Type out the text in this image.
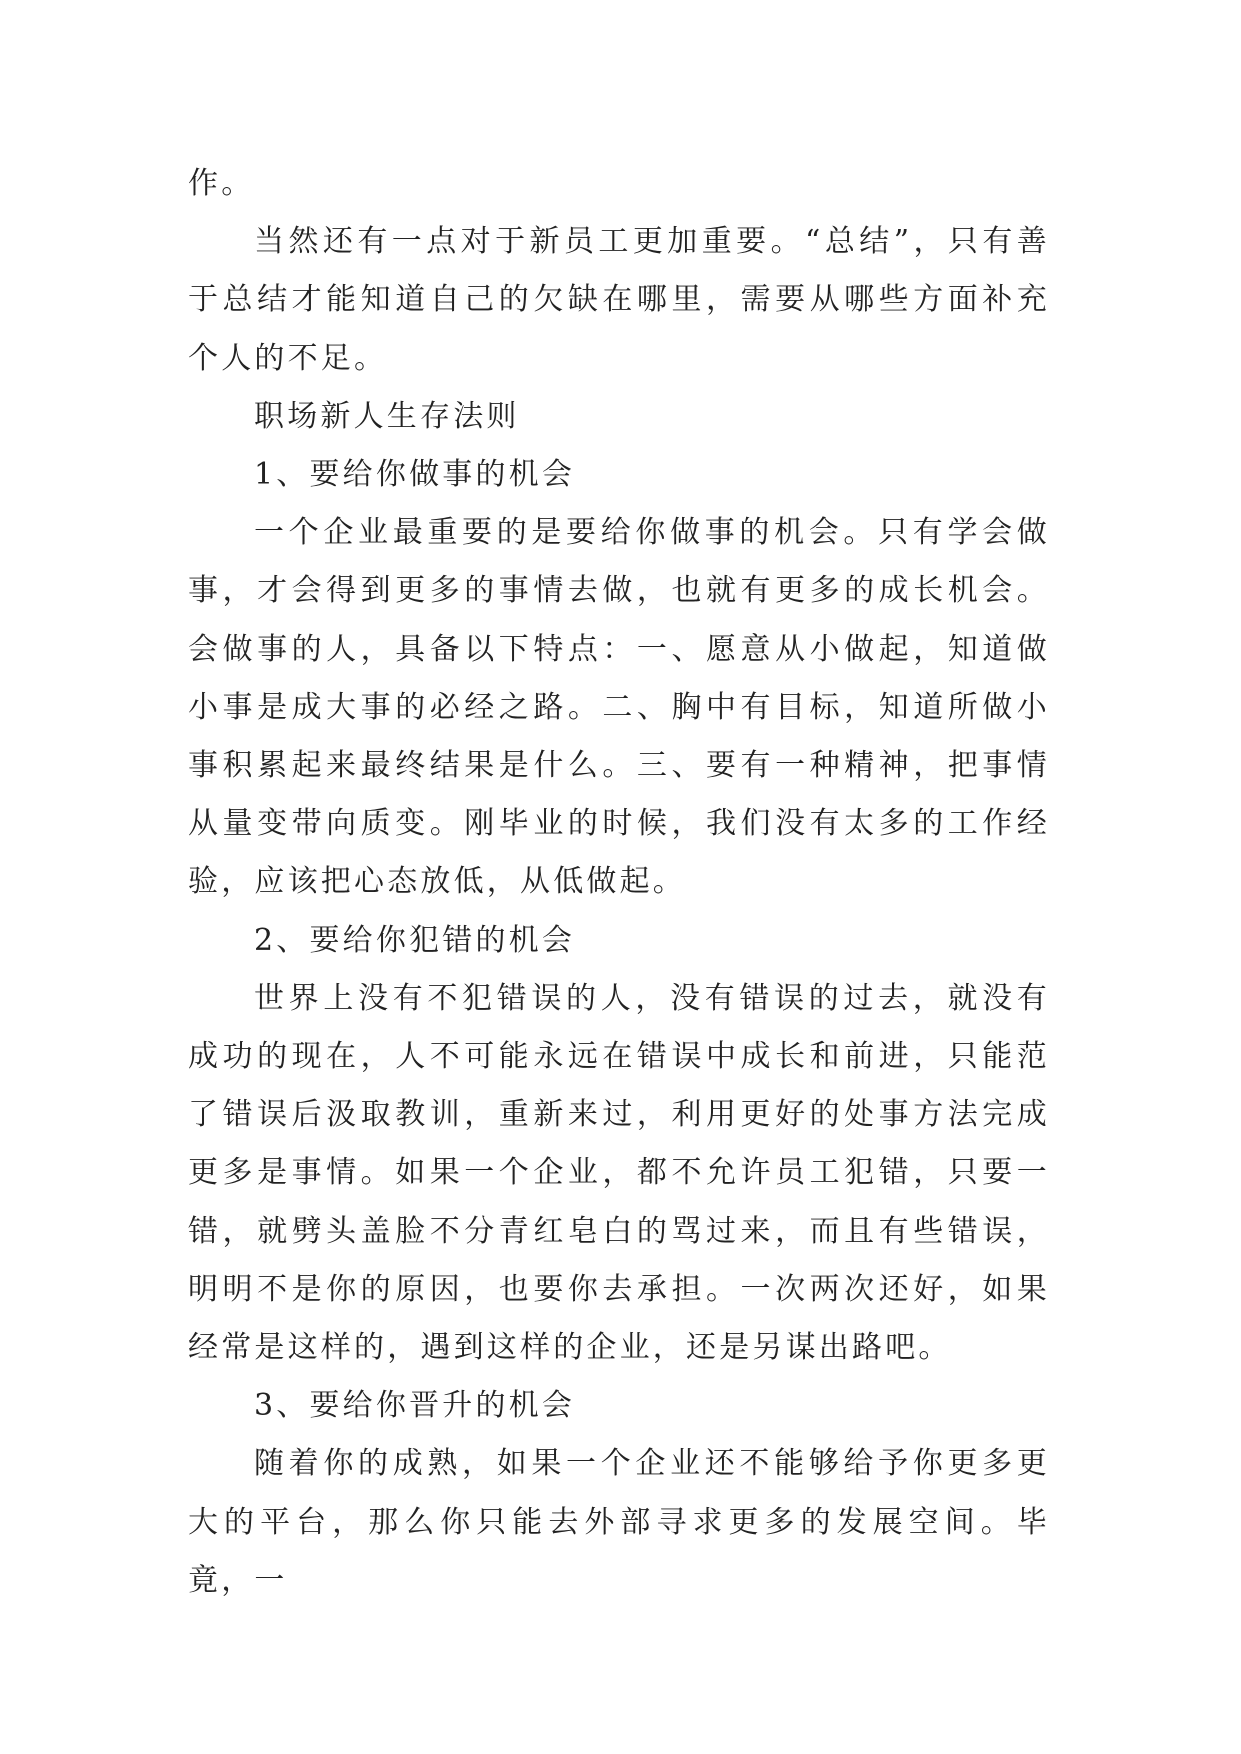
作。

当然还有一点对于新员工更加重要。“总结”，只有善于总结才能知道自己的欠缺在哪里，需要从哪些方面补充个人的不足。

职场新人生存法则

1、要给你做事的机会

一个企业最重要的是要给你做事的机会。只有学会做事，才会得到更多的事情去做，也就有更多的成长机会。会做事的人，具备以下特点：一、愿意从小做起，知道做小事是成大事的必经之路。二、胸中有目标，知道所做小事积累起来最终结果是什么。三、要有一种精神，把事情从量变带向质变。刚毕业的时候，我们没有太多的工作经验，应该把心态放低，从低做起。

2、要给你犯错的机会

世界上没有不犯错误的人，没有错误的过去，就没有成功的现在，人不可能永远在错误中成长和前进，只能范了错误后汲取教训，重新来过，利用更好的处事方法完成更多是事情。如果一个企业，都不允许员工犯错，只要一错，就劈头盖脸不分青红皂白的骂过来，而且有些错误，明明不是你的原因，也要你去承担。一次两次还好，如果经常是这样的，遇到这样的企业，还是另谋出路吧。

3、要给你晋升的机会

随着你的成熟，如果一个企业还不能够给予你更多更大的平台，那么你只能去外部寻求更多的发展空间。毕竟，一
